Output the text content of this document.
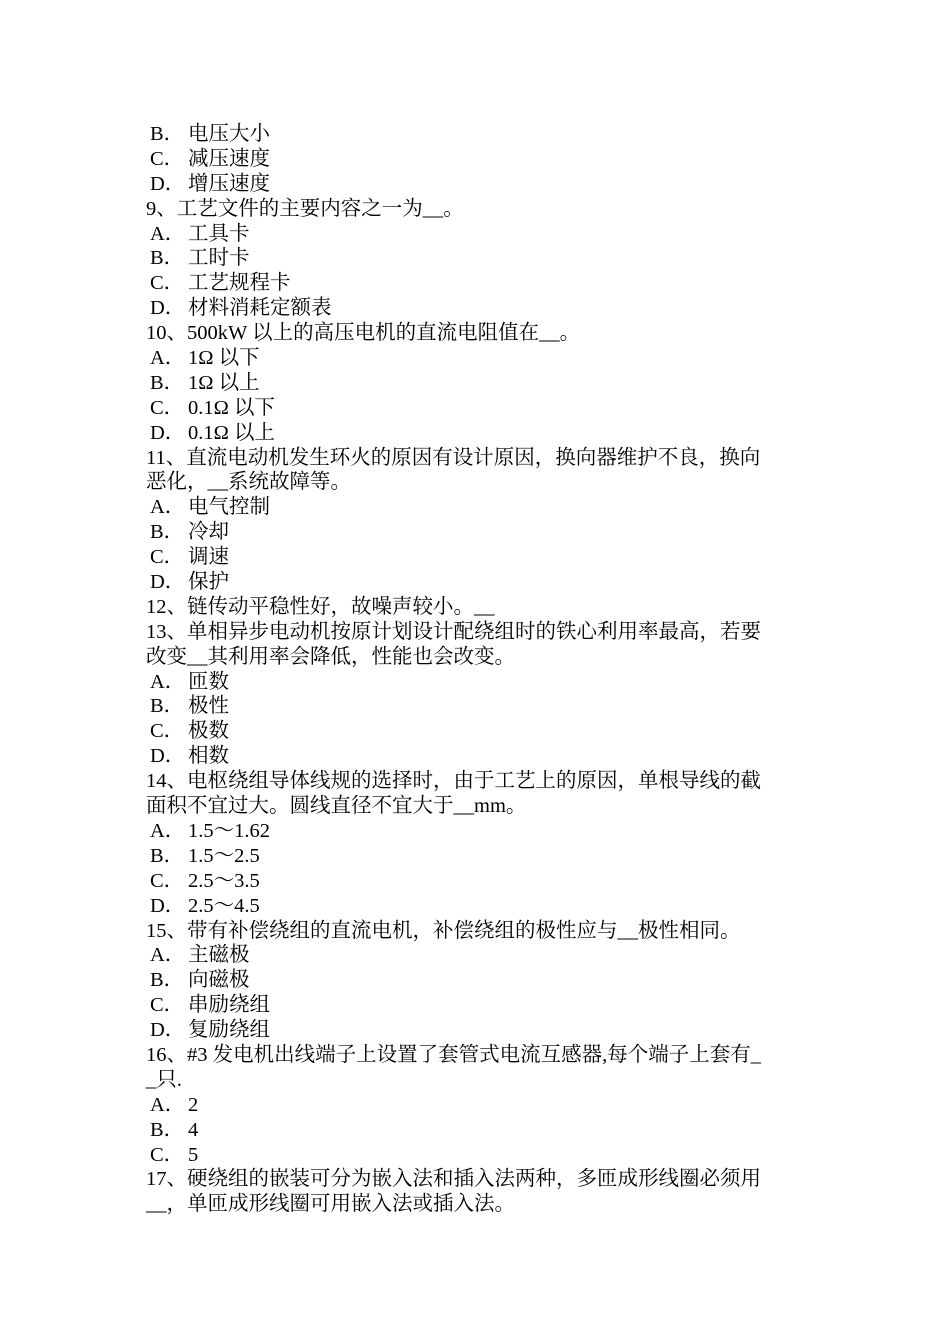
B． 电压大小
C． 减压速度
D． 增压速度
9、工艺文件的主要内容之一为__。
A． 工具卡
B． 工时卡
C． 工艺规程卡
D． 材料消耗定额表
10、500kW 以上的高压电机的直流电阻值在__。
A． 1Ω 以下
B． 1Ω 以上
C． 0.1Ω 以下
D． 0.1Ω 以上
11、直流电动机发生环火的原因有设计原因，换向器维护不良，换向
恶化，__系统故障等。
A． 电气控制
B． 冷却
C． 调速
D． 保护
12、链传动平稳性好，故噪声较小。__
13、单相异步电动机按原计划设计配绕组时的铁心利用率最高，若要
改变__其利用率会降低，性能也会改变。
A． 匝数
B． 极性
C． 极数
D． 相数
14、电枢绕组导体线规的选择时，由于工艺上的原因，单根导线的截
面积不宜过大。圆线直径不宜大于__mm。
A． 1.5～1.62
B． 1.5～2.5
C． 2.5～3.5
D． 2.5～4.5
15、带有补偿绕组的直流电机，补偿绕组的极性应与__极性相同。
A． 主磁极
B． 向磁极
C． 串励绕组
D． 复励绕组
16、#3 发电机出线端子上设置了套管式电流互感器,每个端子上套有_
_只.
A． 2
B． 4
C． 5
17、硬绕组的嵌装可分为嵌入法和插入法两种，多匝成形线圈必须用
__，单匝成形线圈可用嵌入法或插入法。
